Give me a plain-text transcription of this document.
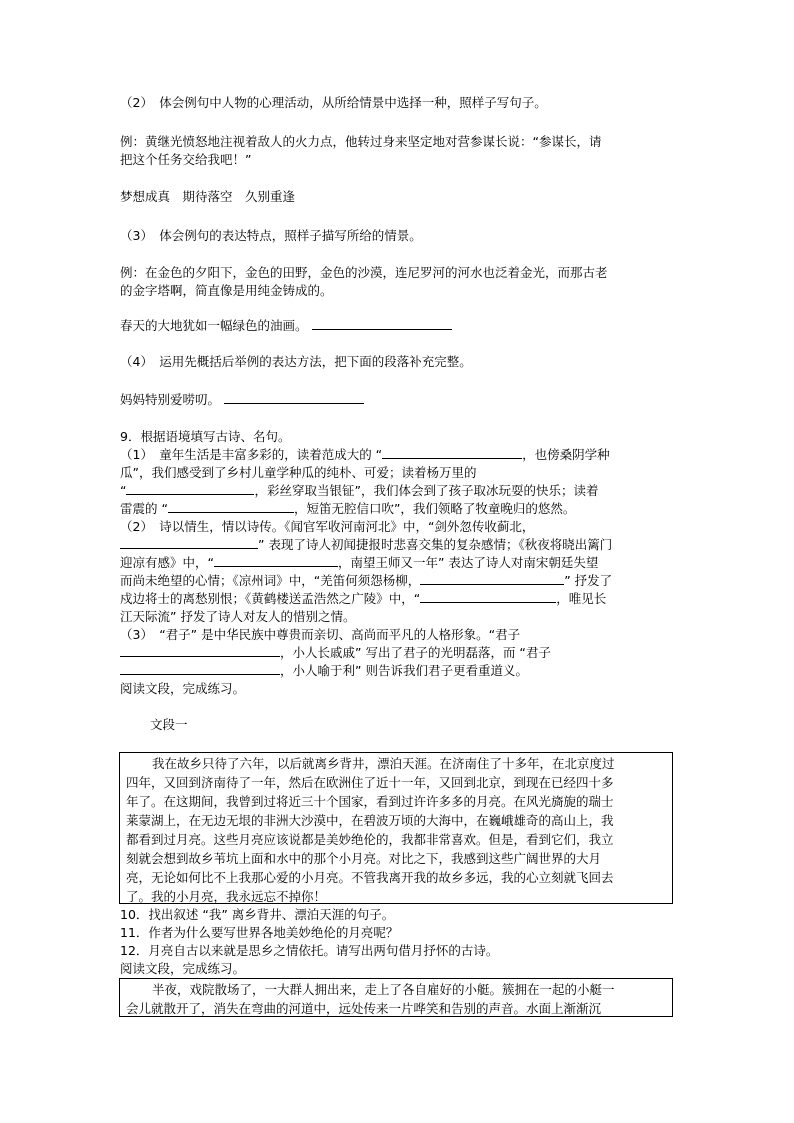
（2）　体会例句中人物的心理活动，从所给情景中选择一种，照样子写句子。

例：黄继光愤怒地注视着敌人的火力点，他转过身来坚定地对营参谋长说：“参谋长，请

把这个任务交给我吧！”

梦想成真　期待落空　久别重逢

（3）　体会例句的表达特点，照样子描写所给的情景。

例：在金色的夕阳下，金色的田野，金色的沙漠，连尼罗河的河水也泛着金光，而那古老

的金字塔啊，简直像是用纯金铸成的。

春天的大地犹如一幅绿色的油画。

（4）　运用先概括后举例的表达方法，把下面的段落补充完整。

妈妈特别爱唠叨。

9．根据语境填写古诗、名句。

（1）　童年生活是丰富多彩的，读着范成大的 “	，也傍桑阴学种

瓜”，我们感受到了乡村儿童学种瓜的纯朴、可爱；读着杨万里的

“	，彩丝穿取当银钲”，我们体会到了孩子取冰玩耍的快乐；读着

雷震的 “	，短笛无腔信口吹”，我们领略了牧童晚归的悠然。

（2）　诗以情生，情以诗传。《闻官军收河南河北》中，“剑外忽传收蓟北，

” 表现了诗人初闻捷报时悲喜交集的复杂感情；《秋夜将晓出篱门

迎凉有感》中，“	，南望王师又一年” 表达了诗人对南宋朝廷失望

而尚未绝望的心情；《凉州词》中，“羌笛何须怨杨柳，	” 抒发了

戍边将士的离愁别恨；《黄鹤楼送孟浩然之广陵》中，“	，唯见长

江天际流” 抒发了诗人对友人的惜别之情。

（3）　“君子” 是中华民族中尊贵而亲切、高尚而平凡的人格形象。“君子

，小人长戚戚” 写出了君子的光明磊落，而 “君子

，小人喻于利” 则告诉我们君子更看重道义。

阅读文段，完成练习。

文段一

我在故乡只待了六年，以后就离乡背井，漂泊天涯。在济南住了十多年，在北京度过
四年，又回到济南待了一年，然后在欧洲住了近十一年，又回到北京，到现在已经四十多
年了。在这期间，我曾到过将近三十个国家，看到过许许多多的月亮。在风光旖旎的瑞士
莱蒙湖上，在无边无垠的非洲大沙漠中，在碧波万顷的大海中，在巍峨雄奇的高山上，我
都看到过月亮。这些月亮应该说都是美妙绝伦的，我都非常喜欢。但是，看到它们，我立
刻就会想到故乡苇坑上面和水中的那个小月亮。对比之下，我感到这些广阔世界的大月
亮，无论如何比不上我那心爱的小月亮。不管我离开我的故乡多远，我的心立刻就飞回去
了。我的小月亮，我永远忘不掉你！

10．找出叙述 “我” 离乡背井、漂泊天涯的句子。

11．作者为什么要写世界各地美妙绝伦的月亮呢？

12．月亮自古以来就是思乡之情依托。请写出两句借月抒怀的古诗。

阅读文段，完成练习。

半夜，戏院散场了，一大群人拥出来，走上了各自雇好的小艇。簇拥在一起的小艇一
会儿就散开了，消失在弯曲的河道中，远处传来一片哗笑和告别的声音。水面上渐渐沉
